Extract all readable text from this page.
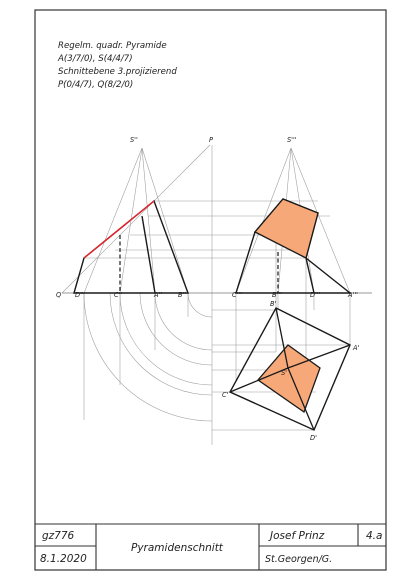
Regelm. quadr. Pyramide
A(3/7/0), S(4/4/7)
Schnittebene 3.projizierend
P(0/4/7), Q(8/2/0)
S''	S'''
P
Q D''	C''	A'' B''	C'''	B'''	D'''	A'''
B'
A'
S'
C'
D'
gz776
8.1.2020
Pyramidenschnitt
Josef Prinz	4.a
St.Georgen/G.
